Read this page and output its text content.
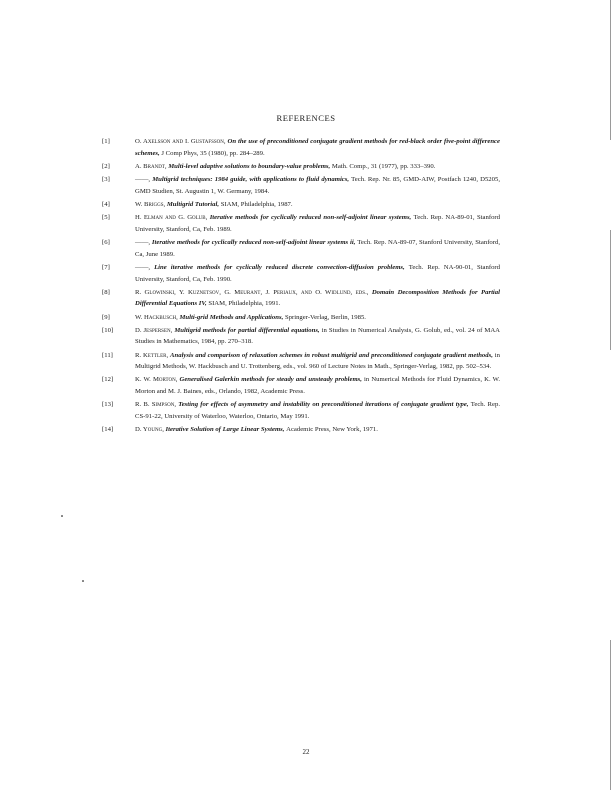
REFERENCES
[1]	O. Axelsson and I. Gustafsson, On the use of preconditioned conjugate gradient methods for red-black order five-point difference schemes, J Comp Phys, 35 (1980), pp. 284–289.
[2]	A. Brandt, Multi-level adaptive solutions to boundary-value problems, Math. Comp., 31 (1977), pp. 333–390.
[3]	——, Multigrid techniques: 1984 guide, with applications to fluid dynamics, Tech. Rep. Nr. 85, GMD-AIW, Postfach 1240, D5205, GMD Studien, St. Augustin 1, W. Germany, 1984.
[4]	W. Briggs, Multigrid Tutorial, SIAM, Philadelphia, 1987.
[5]	H. Elman and G. Golub, Iterative methods for cyclically reduced non-self-adjoint linear systems, Tech. Rep. NA-89-01, Stanford University, Stanford, Ca, Feb. 1989.
[6]	——, Iterative methods for cyclically reduced non-self-adjoint linear systems ii, Tech. Rep. NA-89-07, Stanford University, Stanford, Ca, June 1989.
[7]	——, Line iterative methods for cyclically reduced discrete convection-diffusion problems, Tech. Rep. NA-90-01, Stanford University, Stanford, Ca, Feb. 1990.
[8]	R. Glowinski, Y. Kuznetsov, G. Meurant, J. Periaux, and O. Widlund, eds., Domain Decomposition Methods for Partial Differential Equations IV, SIAM, Philadelphia, 1991.
[9]	W. Hackbusch, Multi-grid Methods and Applications, Springer-Verlag, Berlin, 1985.
[10]	D. Jespersen, Multigrid methods for partial differential equations, in Studies in Numerical Analysis, G. Golub, ed., vol. 24 of MAA Studies in Mathematics, 1984, pp. 270–318.
[11]	R. Kettler, Analysis and comparison of relaxation schemes in robust multigrid and preconditioned conjugate gradient methods, in Multigrid Methods, W. Hackbusch and U. Trottenberg, eds., vol. 960 of Lecture Notes in Math., Springer-Verlag, 1982, pp. 502–534.
[12]	K. W. Morton, Generalised Galerkin methods for steady and unsteady problems, in Numerical Methods for Fluid Dynamics, K. W. Morton and M. J. Baines, eds., Orlando, 1982, Academic Press.
[13]	R. B. Simpson, Testing for effects of asymmetry and instability on preconditioned iterations of conjugate gradient type, Tech. Rep. CS-91-22, University of Waterloo, Waterloo, Ontario, May 1991.
[14]	D. Young, Iterative Solution of Large Linear Systems, Academic Press, New York, 1971.
22
